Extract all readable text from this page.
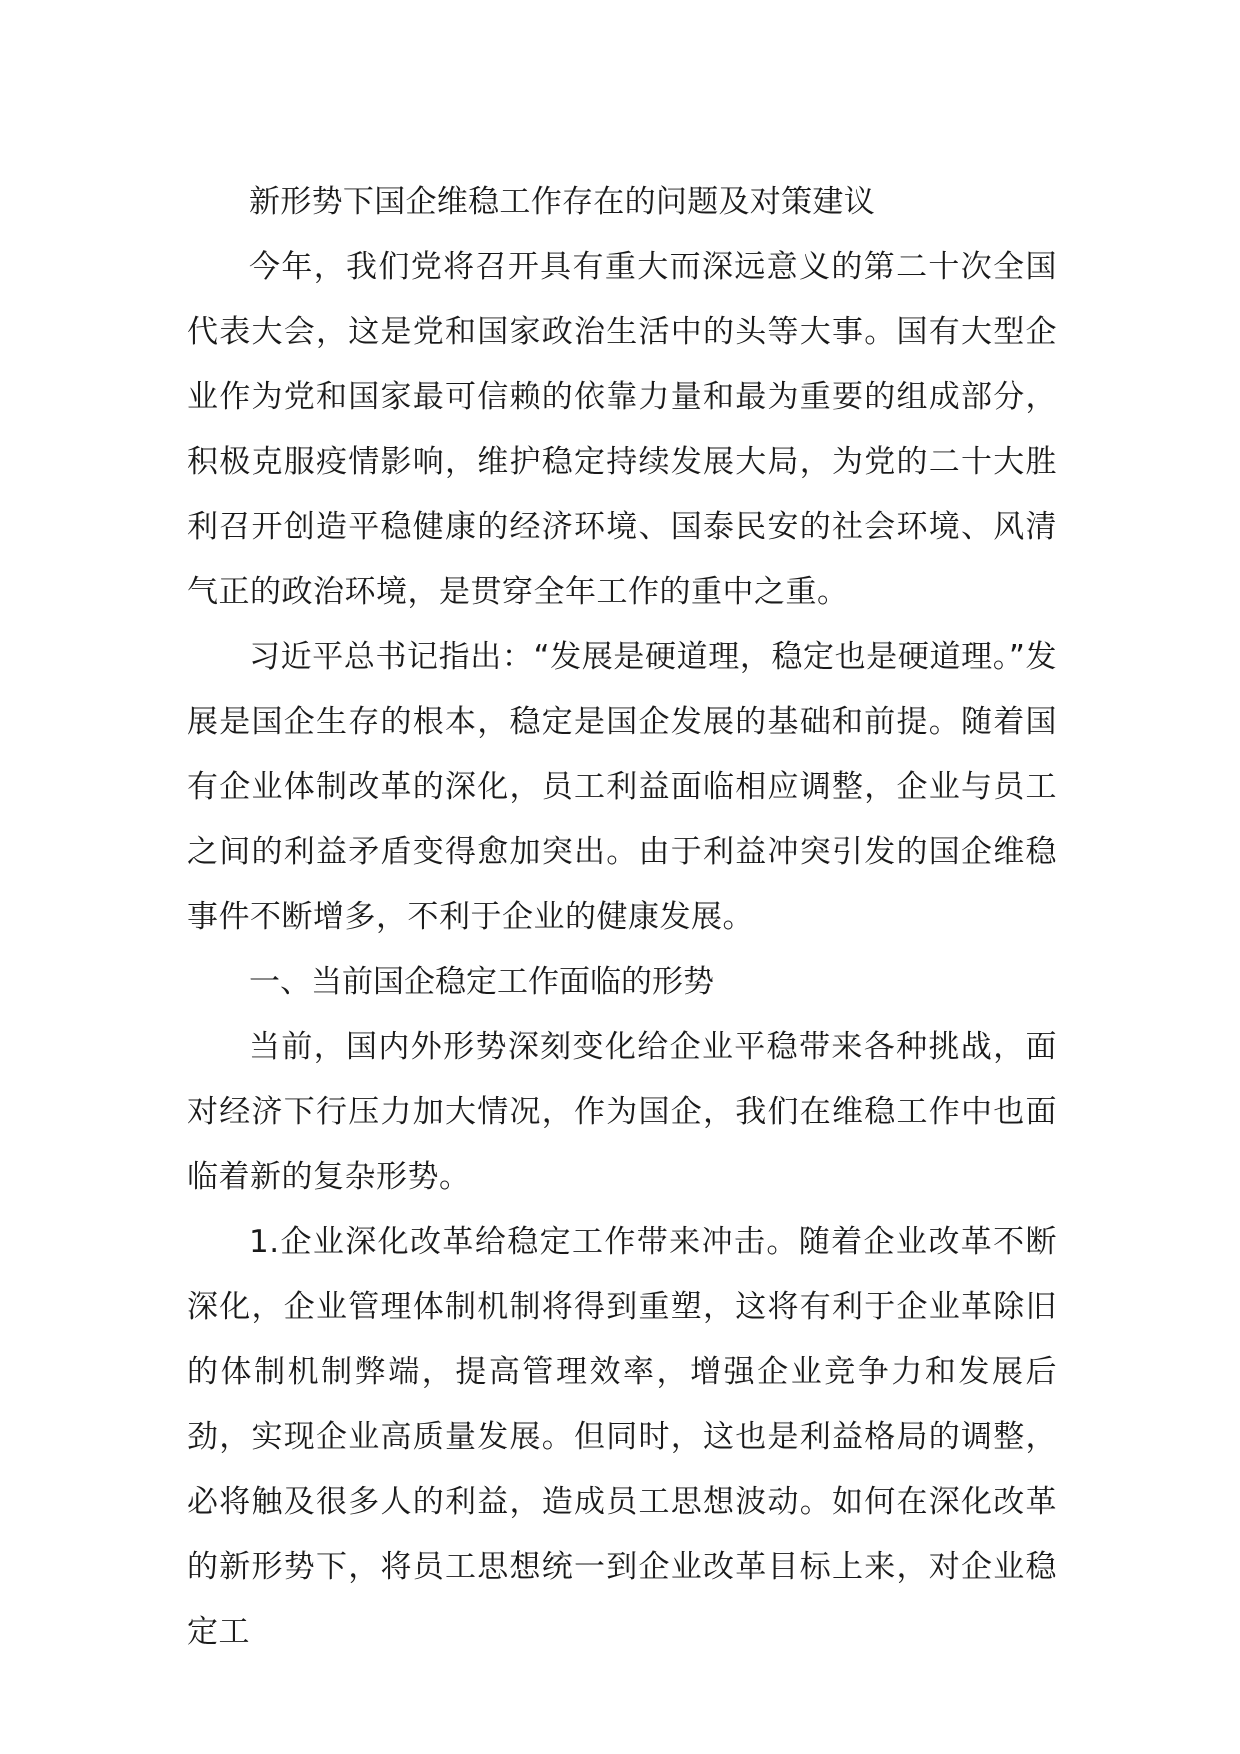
新形势下国企维稳工作存在的问题及对策建议

今年，我们党将召开具有重大而深远意义的第二十次全国代表大会，这是党和国家政治生活中的头等大事。国有大型企业作为党和国家最可信赖的依靠力量和最为重要的组成部分，积极克服疫情影响，维护稳定持续发展大局，为党的二十大胜利召开创造平稳健康的经济环境、国泰民安的社会环境、风清气正的政治环境，是贯穿全年工作的重中之重。

习近平总书记指出：“发展是硬道理，稳定也是硬道理。”发展是国企生存的根本，稳定是国企发展的基础和前提。随着国有企业体制改革的深化，员工利益面临相应调整，企业与员工之间的利益矛盾变得愈加突出。由于利益冲突引发的国企维稳事件不断增多，不利于企业的健康发展。

一、当前国企稳定工作面临的形势

当前，国内外形势深刻变化给企业平稳带来各种挑战，面对经济下行压力加大情况，作为国企，我们在维稳工作中也面临着新的复杂形势。

1.企业深化改革给稳定工作带来冲击。随着企业改革不断深化，企业管理体制机制将得到重塑，这将有利于企业革除旧的体制机制弊端，提高管理效率，增强企业竞争力和发展后劲，实现企业高质量发展。但同时，这也是利益格局的调整，必将触及很多人的利益，造成员工思想波动。如何在深化改革的新形势下，将员工思想统一到企业改革目标上来，对企业稳定工
